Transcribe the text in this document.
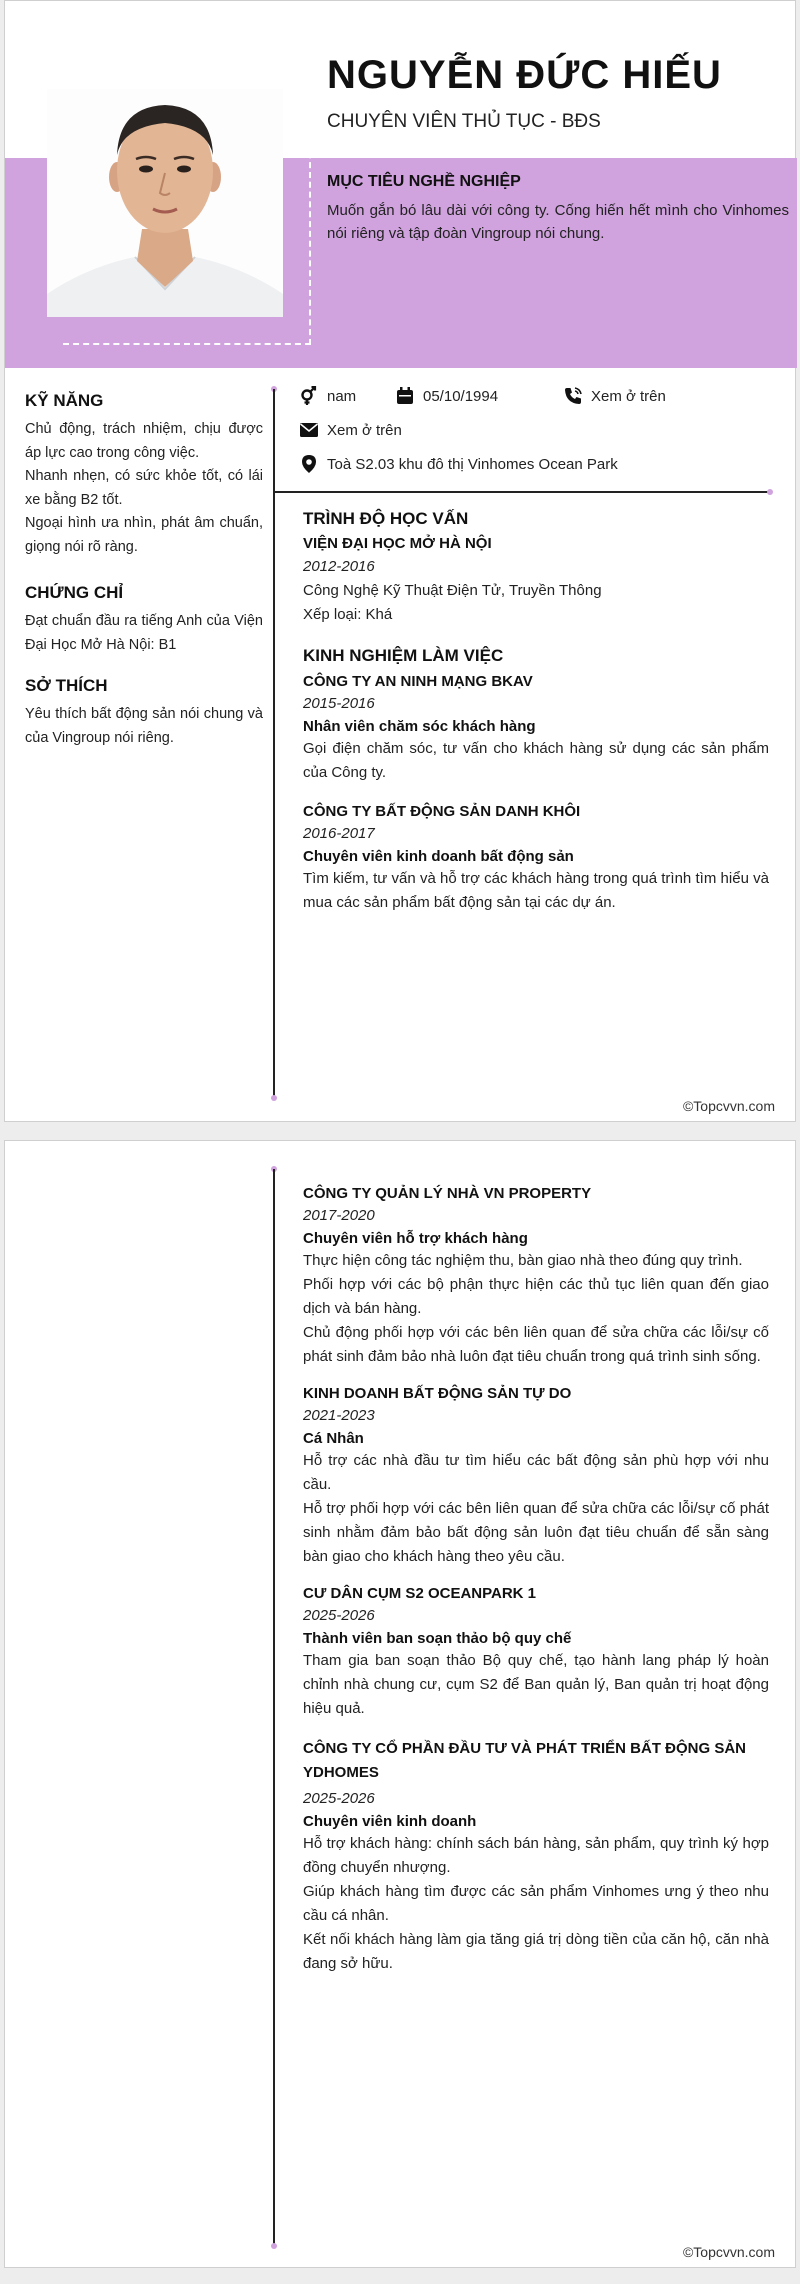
NGUYỄN ĐỨC HIẾU
CHUYÊN VIÊN THỦ TỤC - BĐS
MỤC TIÊU NGHỀ NGHIỆP
Muốn gắn bó lâu dài với công ty. Cống hiến hết mình cho Vinhomes nói riêng và tập đoàn Vingroup nói chung.
KỸ NĂNG
Chủ động, trách nhiệm, chịu được áp lực cao trong công việc.
Nhanh nhẹn, có sức khỏe tốt, có lái xe bằng B2 tốt.
Ngoại hình ưa nhìn, phát âm chuẩn, giọng nói rõ ràng.
CHỨNG CHỈ
Đạt chuẩn đầu ra tiếng Anh của Viện Đại Học Mở Hà Nội: B1
SỞ THÍCH
Yêu thích bất động sản nói chung và của Vingroup nói riêng.
nam	05/10/1994	Xem ở trên
Xem ở trên
Toà S2.03 khu đô thị Vinhomes Ocean Park
TRÌNH ĐỘ HỌC VẤN
VIỆN ĐẠI HỌC MỞ HÀ NỘI
2012-2016
Công Nghệ Kỹ Thuật Điện Tử, Truyền Thông
Xếp loại: Khá
KINH NGHIỆM LÀM VIỆC
CÔNG TY AN NINH MẠNG BKAV
2015-2016
Nhân viên chăm sóc khách hàng
Gọi điện chăm sóc, tư vấn cho khách hàng sử dụng các sản phẩm của Công ty.
CÔNG TY BẤT ĐỘNG SẢN DANH KHÔI
2016-2017
Chuyên viên kinh doanh bất động sản
Tìm kiếm, tư vấn và hỗ trợ các khách hàng trong quá trình tìm hiểu và mua các sản phẩm bất động sản tại các dự án.
©Topcvvn.com
CÔNG TY QUẢN LÝ NHÀ VN PROPERTY
2017-2020
Chuyên viên hỗ trợ khách hàng
Thực hiện công tác nghiệm thu, bàn giao nhà theo đúng quy trình.
Phối hợp với các bộ phận thực hiện các thủ tục liên quan đến giao dịch và bán hàng.
Chủ động phối hợp với các bên liên quan để sửa chữa các lỗi/sự cố phát sinh đảm bảo nhà luôn đạt tiêu chuẩn trong quá trình sinh sống.
KINH DOANH BẤT ĐỘNG SẢN TỰ DO
2021-2023
Cá Nhân
Hỗ trợ các nhà đầu tư tìm hiểu các bất động sản phù hợp với nhu cầu.
Hỗ trợ phối hợp với các bên liên quan để sửa chữa các lỗi/sự cố phát sinh nhằm đảm bảo bất động sản luôn đạt tiêu chuẩn để sẵn sàng bàn giao cho khách hàng theo yêu cầu.
CƯ DÂN CỤM S2 OCEANPARK 1
2025-2026
Thành viên ban soạn thảo bộ quy chế
Tham gia ban soạn thảo Bộ quy chế, tạo hành lang pháp lý hoàn chỉnh nhà chung cư, cụm S2 để Ban quản lý, Ban quản trị hoạt động hiệu quả.
CÔNG TY CỔ PHẦN ĐẦU TƯ VÀ PHÁT TRIỂN BẤT ĐỘNG SẢN YDHOMES
2025-2026
Chuyên viên kinh doanh
Hỗ trợ khách hàng: chính sách bán hàng, sản phẩm, quy trình ký hợp đồng chuyển nhượng.
Giúp khách hàng tìm được các sản phẩm Vinhomes ưng ý theo nhu cầu cá nhân.
Kết nối khách hàng làm gia tăng giá trị dòng tiền của căn hộ, căn nhà đang sở hữu.
©Topcvvn.com
